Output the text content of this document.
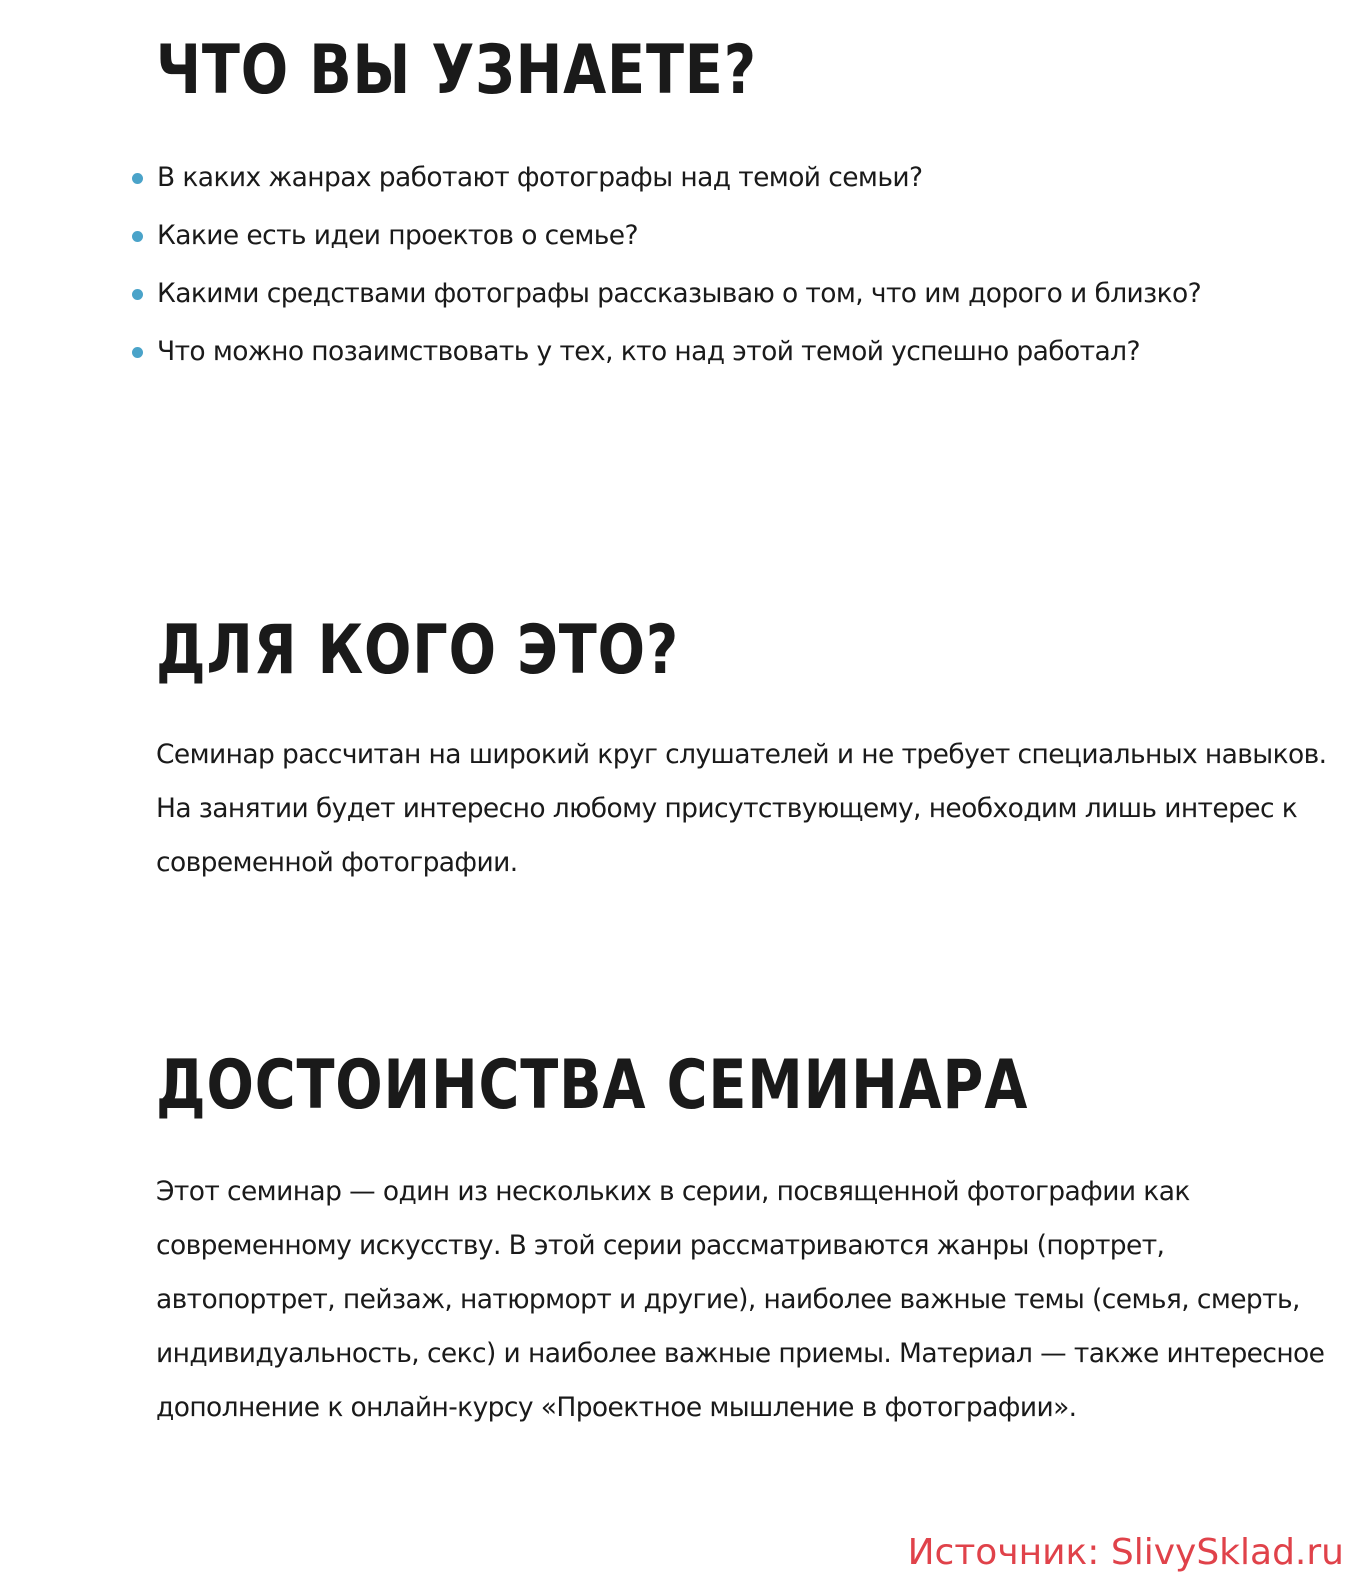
ЧТО ВЫ УЗНАЕТЕ?
В каких жанрах работают фотографы над темой семьи?
Какие есть идеи проектов о семье?
Какими средствами фотографы рассказываю о том, что им дорого и близко?
Что можно позаимствовать у тех, кто над этой темой успешно работал?
ДЛЯ КОГО ЭТО?

Семинар рассчитан на широкий круг слушателей и не требует специальных навыков. На занятии будет интересно любому присутствующему, необходим лишь интерес к современной фотографии.

ДОСТОИНСТВА СЕМИНАРА

Этот семинар — один из нескольких в серии, посвященной фотографии как современному искусству. В этой серии рассматриваются жанры (портрет, автопортрет, пейзаж, натюрморт и другие), наиболее важные темы (семья, смерть, индивидуальность, секс) и наиболее важные приемы. Материал — также интересное дополнение к онлайн-курсу «Проектное мышление в фотографии».

Источник: SlivySklad.ru
